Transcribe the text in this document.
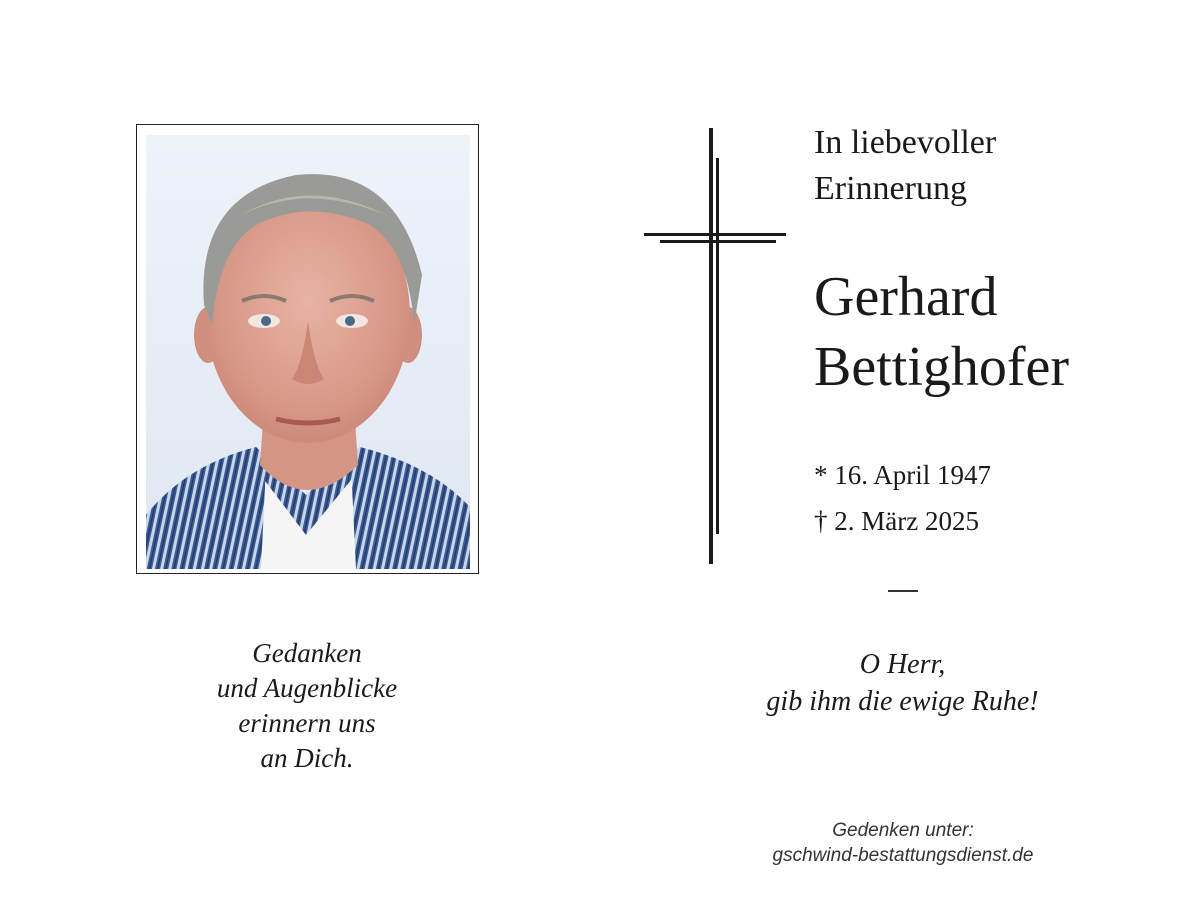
In liebevoller
Erinnerung
Gerhard
Bettighofer
* 16. April 1947
† 2. März 2025
Gedanken
und Augenblicke
erinnern uns
an Dich.
O Herr,
gib ihm die ewige Ruhe!
Gedenken unter:
gschwind-bestattungsdienst.de
